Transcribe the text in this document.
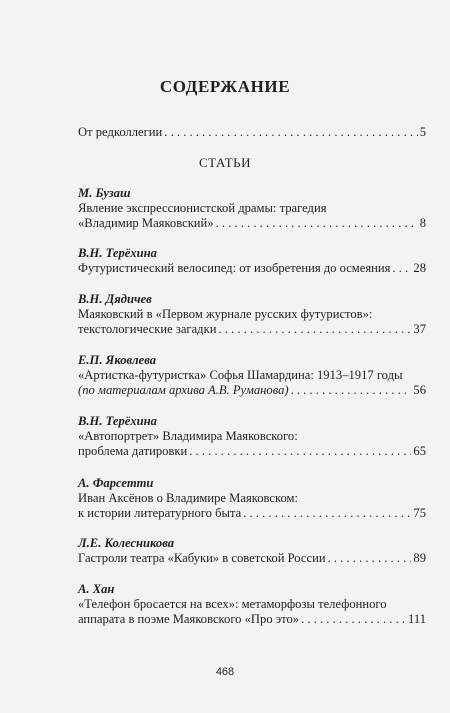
СОДЕРЖАНИЕ
От редколлегии . . .	5
СТАТЬИ
М. Бузаш
Явление экспрессионистской драмы: трагедия
«Владимир Маяковский» . . .	8
В.Н. Терёхина
Футуристический велосипед: от изобретения до осмеяния . . . 28
В.Н. Дядичев
Маяковский в «Первом журнале русских футуристов»:
текстологические загадки . . .	37
Е.П. Яковлева
«Артистка-футуристка» Софья Шамардина: 1913–1917 годы
(по материалам архива А.В. Руманова) . . .	56
В.Н. Терёхина
«Автопортрет» Владимира Маяковского:
проблема датировки . . .	65
А. Фарсетти
Иван Аксёнов о Владимире Маяковском:
к истории литературного быта . . .	75
Л.Е. Колесникова
Гастроли театра «Кабуки» в советской России . . .	89
А. Хан
«Телефон бросается на всех»: метаморфозы телефонного
аппарата в поэме Маяковского «Про это» . . .	111
468
